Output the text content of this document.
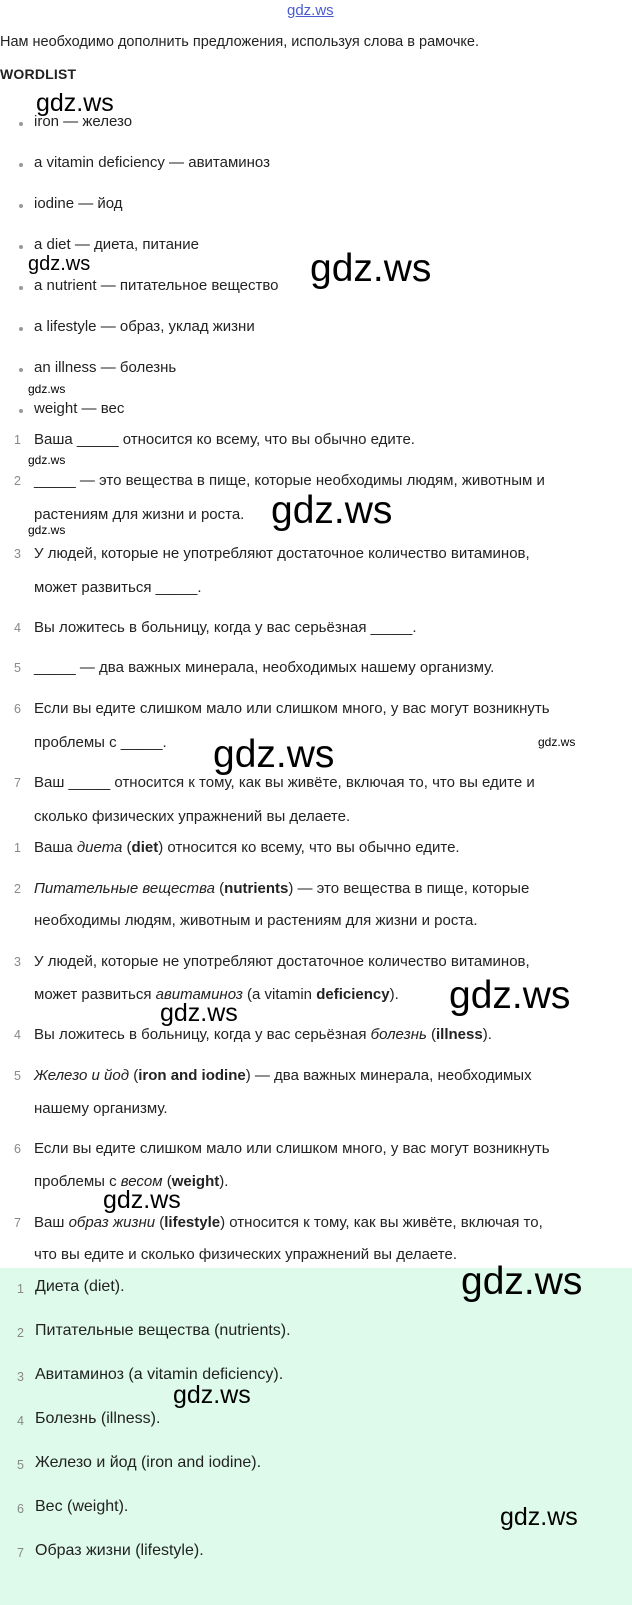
gdz.ws
Нам необходимо дополнить предложения, используя слова в рамочке.
WORDLIST
iron — железо
a vitamin deficiency — авитаминоз
iodine — йод
a diet — диета, питание
a nutrient — питательное вещество
a lifestyle — образ, уклад жизни
an illness — болезнь
weight — вес
1 Ваша _____ относится ко всему, что вы обычно едите.
2 _____ — это вещества в пище, которые необходимы людям, животным и
растениям для жизни и роста.
3 У людей, которые не употребляют достаточное количество витаминов,
может развиться _____.
4 Вы ложитесь в больницу, когда у вас серьёзная _____.
5 _____ — два важных минерала, необходимых нашему организму.
6 Если вы едите слишком мало или слишком много, у вас могут возникнуть
проблемы с _____.
7 Ваш _____ относится к тому, как вы живёте, включая то, что вы едите и
сколько физических упражнений вы делаете.
1 Ваша диета (diet) относится ко всему, что вы обычно едите.
2 Питательные вещества (nutrients) — это вещества в пище, которые
необходимы людям, животным и растениям для жизни и роста.
3 У людей, которые не употребляют достаточное количество витаминов,
может развиться авитаминоз (a vitamin deficiency).
4 Вы ложитесь в больницу, когда у вас серьёзная болезнь (illness).
5 Железо и йод (iron and iodine) — два важных минерала, необходимых
нашему организму.
6 Если вы едите слишком мало или слишком много, у вас могут возникнуть
проблемы с весом (weight).
7 Ваш образ жизни (lifestyle) относится к тому, как вы живёте, включая то,
что вы едите и сколько физических упражнений вы делаете.
1 Диета (diet).
2 Питательные вещества (nutrients).
3 Авитаминоз (a vitamin deficiency).
4 Болезнь (illness).
5 Железо и йод (iron and iodine).
6 Вес (weight).
7 Образ жизни (lifestyle).
gdz.ws
gdz.ws
gdz.ws
gdz.ws
gdz.ws
gdz.ws	gdz.ws
gdz.ws	gdz.ws
gdz.ws
gdz.ws
gdz.ws
gdz.ws
gdz.ws
gdz.ws
